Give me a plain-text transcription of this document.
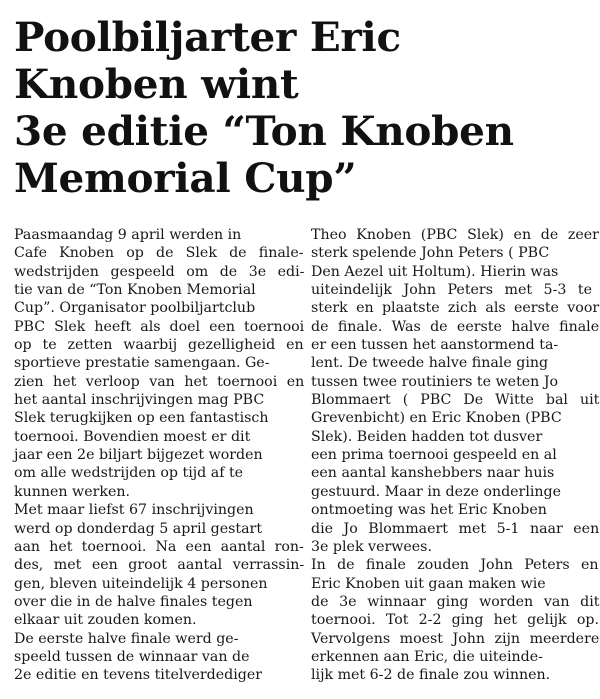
Poolbiljarter Eric
Knoben wint
3e editie “Ton Knoben
Memorial Cup”
Paasmaandag 9 april werden in
Cafe Knoben op de Slek de finale-
wedstrijden gespeeld om de 3e edi-
tie van de “Ton Knoben Memorial
Cup”. Organisator poolbiljartclub
PBC Slek heeft als doel een toernooi
op te zetten waarbij gezelligheid en
sportieve prestatie samengaan. Ge-
zien het verloop van het toernooi en
het aantal inschrijvingen mag PBC
Slek terugkijken op een fantastisch
toernooi. Bovendien moest er dit
jaar een 2e biljart bijgezet worden
om alle wedstrijden op tijd af te
kunnen werken.
Met maar liefst 67 inschrijvingen
werd op donderdag 5 april gestart
aan het toernooi. Na een aantal ron-
des, met een groot aantal verrassin-
gen, bleven uiteindelijk 4 personen
over die in de halve finales tegen
elkaar uit zouden komen.
De eerste halve finale werd ge-
speeld tussen de winnaar van de
2e editie en tevens titelverdediger
Theo Knoben (PBC Slek) en de zeer
sterk spelende John Peters ( PBC
Den Aezel uit Holtum). Hierin was
uiteindelijk John Peters met 5-3 te
sterk en plaatste zich als eerste voor
de finale. Was de eerste halve finale
er een tussen het aanstormend ta-
lent. De tweede halve finale ging
tussen twee routiniers te weten Jo
Blommaert ( PBC De Witte bal uit
Grevenbicht) en Eric Knoben (PBC
Slek). Beiden hadden tot dusver
een prima toernooi gespeeld en al
een aantal kanshebbers naar huis
gestuurd. Maar in deze onderlinge
ontmoeting was het Eric Knoben
die Jo Blommaert met 5-1 naar een
3e plek verwees.
In de finale zouden John Peters en
Eric Knoben uit gaan maken wie
de 3e winnaar ging worden van dit
toernooi. Tot 2-2 ging het gelijk op.
Vervolgens moest John zijn meerdere
erkennen aan Eric, die uiteinde-
lijk met 6-2 de finale zou winnen.
